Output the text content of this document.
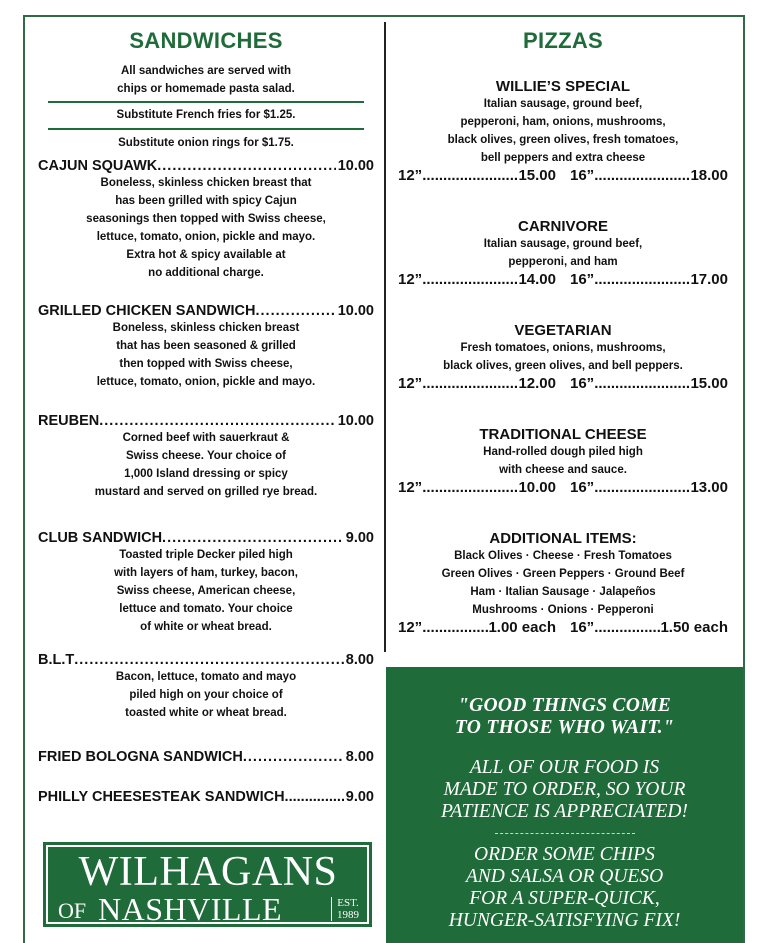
SANDWICHES
All sandwiches are served with
chips or homemade pasta salad.
Substitute French fries for $1.25.
Substitute onion rings for $1.75.
CAJUN SQUAWK .....	10.00
Boneless, skinless chicken breast that
has been grilled with spicy Cajun
seasonings then topped with Swiss cheese,
lettuce, tomato, onion, pickle and mayo.
Extra hot & spicy available at
no additional charge.
GRILLED CHICKEN SANDWICH .....	10.00
Boneless, skinless chicken breast
that has been seasoned & grilled
then topped with Swiss cheese,
lettuce, tomato, onion, pickle and mayo.
REUBEN .....	10.00
Corned beef with sauerkraut &
Swiss cheese. Your choice of
1,000 Island dressing or spicy
mustard and served on grilled rye bread.
CLUB SANDWICH .....	9.00
Toasted triple Decker piled high
with layers of ham, turkey, bacon,
Swiss cheese, American cheese,
lettuce and tomato. Your choice
of white or wheat bread.
B.L.T .....	8.00
Bacon, lettuce, tomato and mayo
piled high on your choice of
toasted white or wheat bread.
FRIED BOLOGNA SANDWICH .....	8.00
PHILLY CHEESESTEAK SANDWICH .....	9.00
PIZZAS
WILLIE’S SPECIAL
Italian sausage, ground beef,
pepperoni, ham, onions, mushrooms,
black olives, green olives, fresh tomatoes,
bell peppers and extra cheese
12” .....	15.00 16” .....	18.00
CARNIVORE
Italian sausage, ground beef,
pepperoni, and ham
12” .....	14.00 16” .....	17.00
VEGETARIAN
Fresh tomatoes, onions, mushrooms,
black olives, green olives, and bell peppers.
12” .....	12.00 16” .....	15.00
TRADITIONAL CHEESE
Hand-rolled dough piled high
with cheese and sauce.
12” .....	10.00 16” .....	13.00
ADDITIONAL ITEMS:
Black Olives · Cheese · Fresh Tomatoes
Green Olives · Green Peppers · Ground Beef
Ham · Italian Sausage · Jalapeños
Mushrooms · Onions · Pepperoni
12” .....	1.00 each 16” .....	1.50 each
"GOOD THINGS COME
TO THOSE WHO WAIT."
ALL OF OUR FOOD IS
MADE TO ORDER, SO YOUR
PATIENCE IS APPRECIATED!
ORDER SOME CHIPS
AND SALSA OR QUESO
FOR A SUPER-QUICK,
HUNGER-SATISFYING FIX!
WILHAGANS
OF NASHVILLE	EST.
1989
